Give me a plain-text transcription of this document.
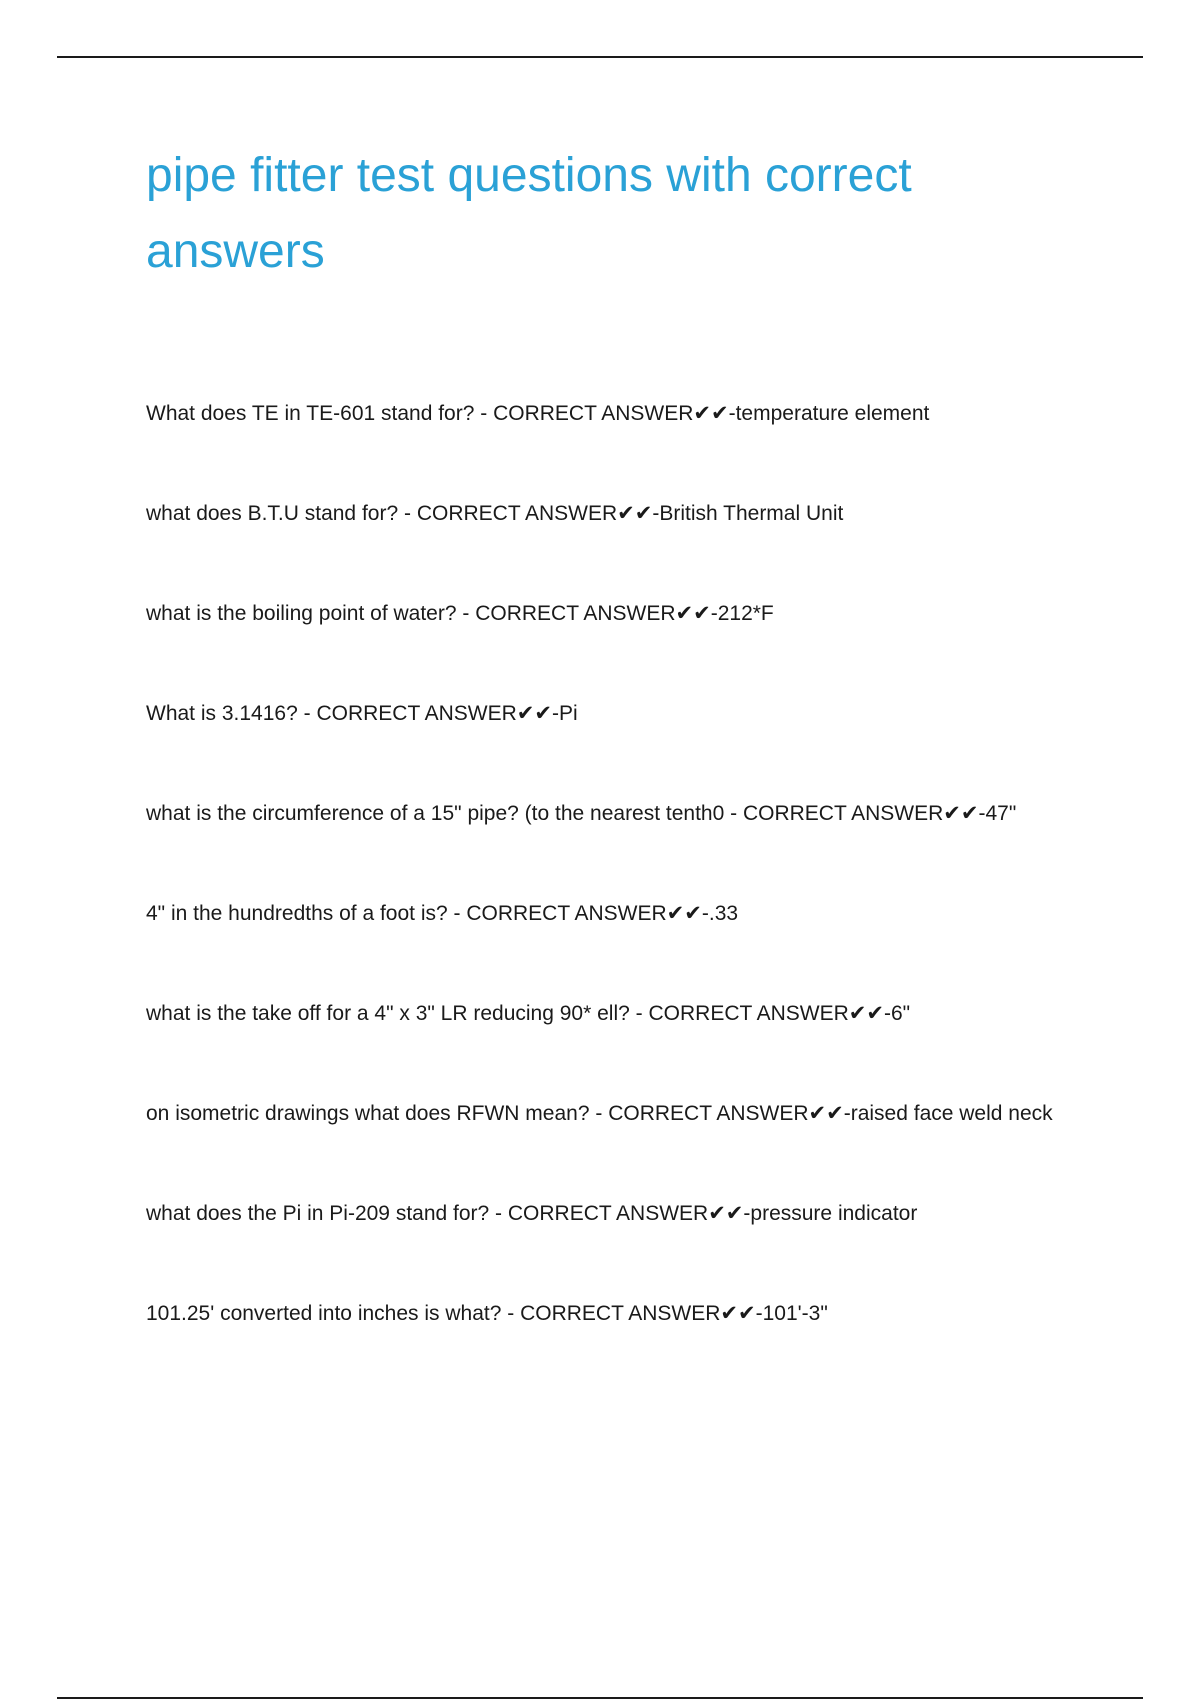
pipe fitter test questions with correct answers
What does TE in TE-601 stand for? - CORRECT ANSWER✔✔-temperature element
what does B.T.U stand for? - CORRECT ANSWER✔✔-British Thermal Unit
what is the boiling point of water? - CORRECT ANSWER✔✔-212*F
What is 3.1416? - CORRECT ANSWER✔✔-Pi
what is the circumference of a 15" pipe? (to the nearest tenth0 - CORRECT ANSWER✔✔-47"
4" in the hundredths of a foot is? - CORRECT ANSWER✔✔-.33
what is the take off for a 4" x 3" LR reducing 90* ell? - CORRECT ANSWER✔✔-6"
on isometric drawings what does RFWN mean? - CORRECT ANSWER✔✔-raised face weld neck
what does the Pi in Pi-209 stand for? - CORRECT ANSWER✔✔-pressure indicator
101.25' converted into inches is what? - CORRECT ANSWER✔✔-101'-3"
